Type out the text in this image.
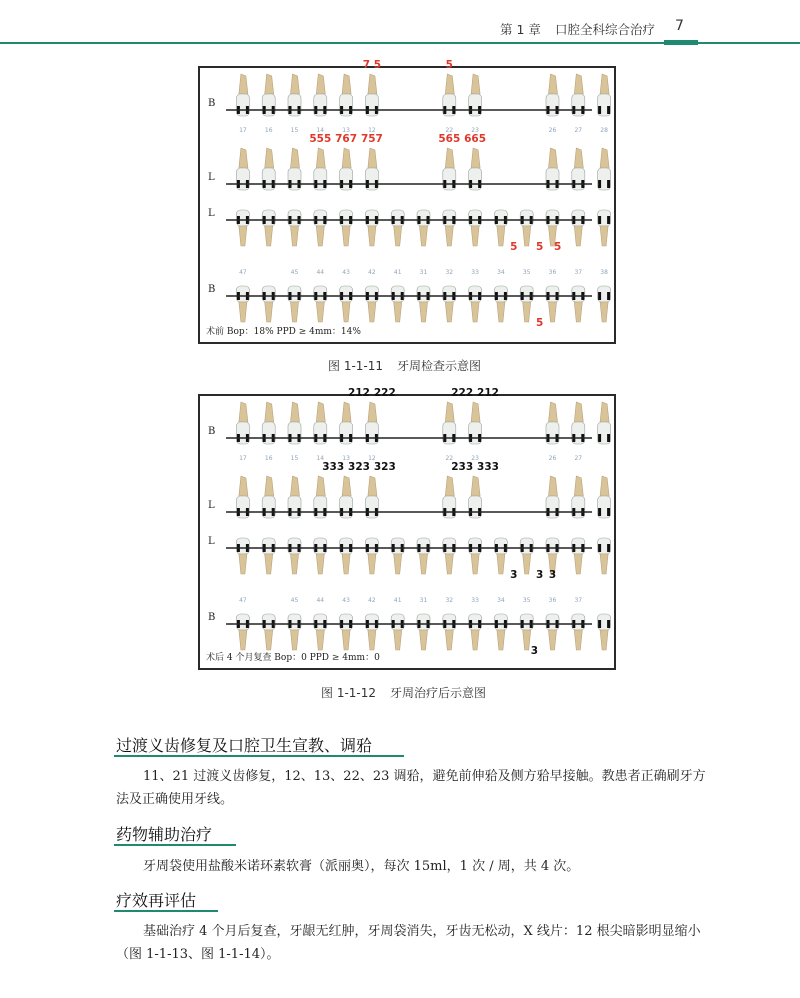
第 1 章 口腔全科综合治疗 7
B
17	16	15	14	13	12	22	23	26	27	28
7 5	5
L
555 767 757	565 665
L
5 5 5
B
47	45	44	43	42	41	31	32	33	34	35	36	37	38
5
术前 Bop：18% PPD ≥ 4mm：14%
图 1-1-11 牙周检查示意图
B
17	16	15	14	13	12	22	23	26	27
212 222	222 212
L
333 323 323	233 333
L
3 3 3
B
47	45	44	43	42	41	31	32	33	34	35	36	37
3
术后 4 个月复查 Bop：0 PPD ≥ 4mm：0
图 1-1-12 牙周治疗后示意图
过渡义齿修复及口腔卫生宣教、调𬌗
11、21 过渡义齿修复，12、13、22、23 调𬌗，避免前伸𬌗及侧方𬌗早接触。教患者正确刷牙方法及正确使用牙线。
药物辅助治疗
牙周袋使用盐酸米诺环素软膏（派丽奥），每次 15ml，1 次 / 周，共 4 次。
疗效再评估
基础治疗 4 个月后复查，牙龈无红肿，牙周袋消失，牙齿无松动，X 线片：12 根尖暗影明显缩小（图 1-1-13、图 1-1-14）。
